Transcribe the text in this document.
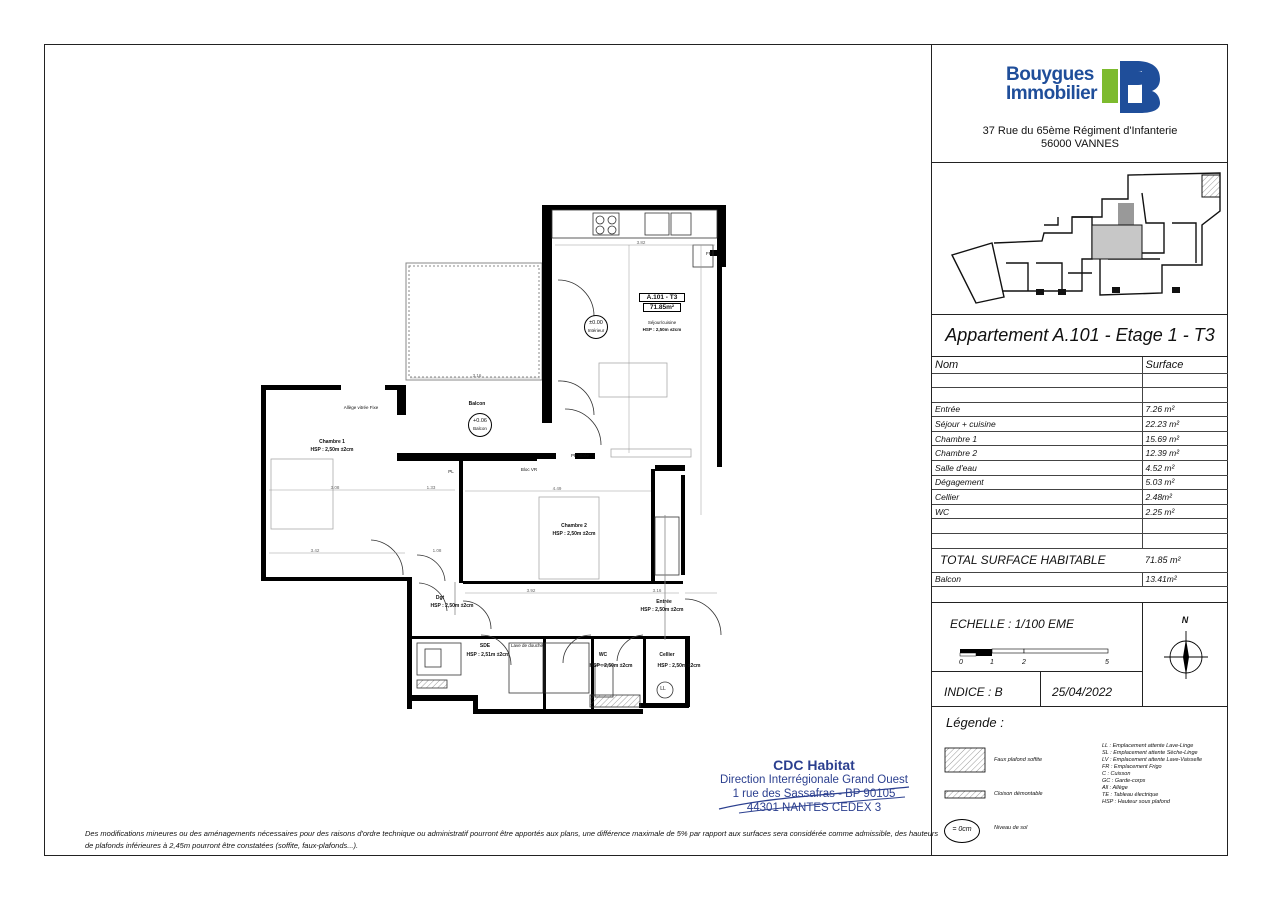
A.101 - T3
71.85m²
Séjour/cuisine
HSP : 2,50m ±2cm
±0.00
Intérieur
+0.06
Balcon
Balcon
Chambre 1
HSP : 2,50m ±2cm
Chambre 2
HSP : 2,50m ±2cm
Dgt
HSP : 2,50m ±2cm
Entrée
HSP : 2,50m ±2cm
SDE
HSP : 2,51m ±2cm	WC
HSP : 2,50m ±2cm
Cellier
HSP : 2,50m ±2cm
FR
PF vitrée
PL
Allège vitrée Fixe
Bloc VR
Lave de douche
LL
3.82
3.16
3.08	4.49
1.33
3.42	1.08
3.92	3.16
CDC Habitat
Direction Interrégionale Grand Ouest
1 rue des Sassafras - BP 90105
44301 NANTES CEDEX 3
Des modifications mineures ou des aménagements nécessaires pour des raisons d'ordre technique ou administratif pourront être apportés aux plans, une différence maximale de 5% par rapport aux surfaces sera considérée comme admissible, des hauteurs de plafonds inférieures à 2,45m pourront être constatées (soffite, faux-plafonds...).
Bouygues
Immobilier
37 Rue du 65ème Régiment d'Infanterie
56000 VANNES
Appartement A.101 - Etage 1 - T3
Nom	Surface

Entrée	7.26 m²
Séjour + cuisine	22.23 m²
Chambre 1	15.69 m²
Chambre 2	12.39 m²
Salle d'eau	4.52 m²
Dégagement	5.03 m²
Cellier	2.48m²
WC	2.25 m²

TOTAL SURFACE HABITABLE	71.85 m²
Balcon	13.41m²
ECHELLE : 1/100 EME
0	1	2	5
N
INDICE : B	25/04/2022
Légende :
Faux plafond soffite
Cloison démontable
= 0cm	Niveau de sol
LL : Emplacement attente Lave-Linge
SL : Emplacement attente Sèche-Linge
LV : Emplacement attente Lave-Vaisselle
FR : Emplacement Frigo
C : Cuisson
GC : Garde-corps
All : Allège
TE : Tableau électrique
HSP : Hauteur sous plafond
